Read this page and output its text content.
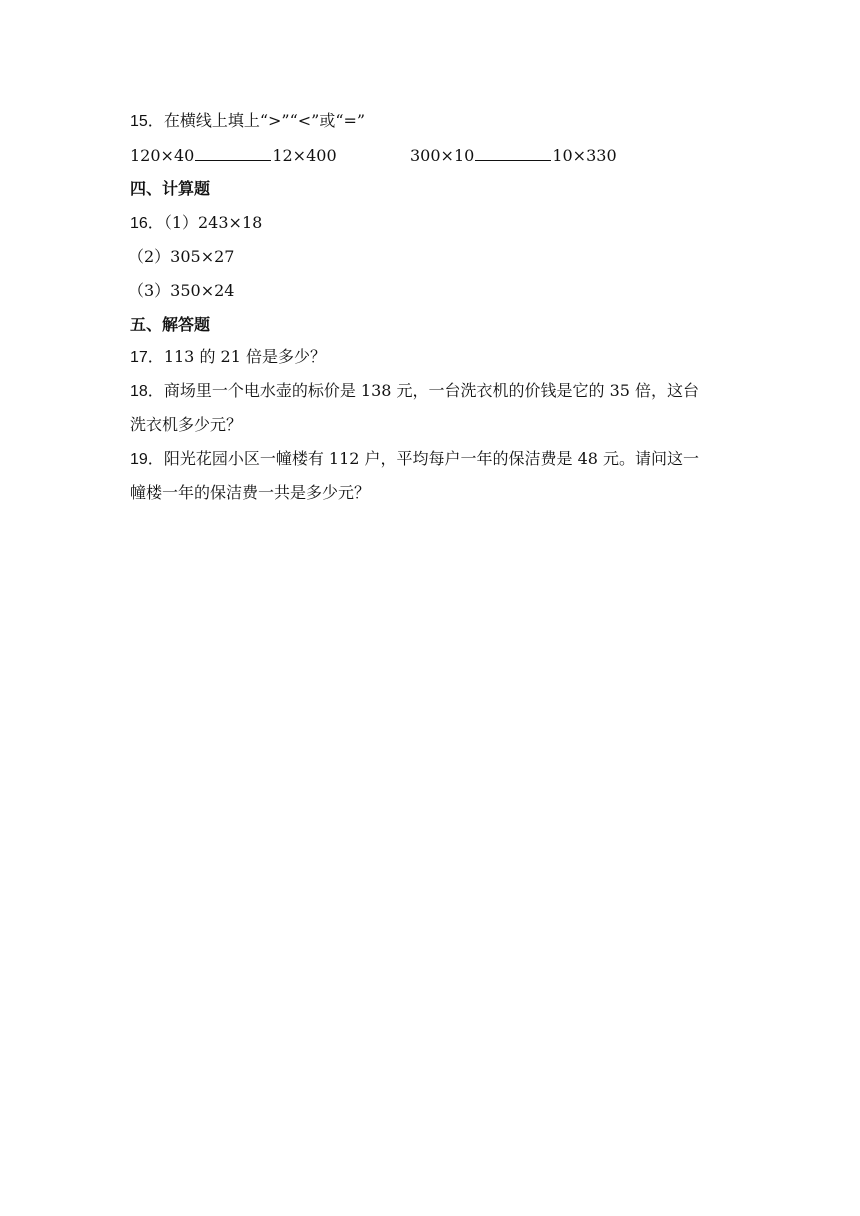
15．在横线上填上“>”“<”或“=”
120×40	12×400	300×10	10×330
四、计算题
16．（1）243×18
（2）305×27
（3）350×24
五、解答题
17．113 的 21 倍是多少？
18．商场里一个电水壶的标价是 138 元，一台洗衣机的价钱是它的 35 倍，这台
洗衣机多少元？
19．阳光花园小区一幢楼有 112 户，平均每户一年的保洁费是 48 元。请问这一
幢楼一年的保洁费一共是多少元？
